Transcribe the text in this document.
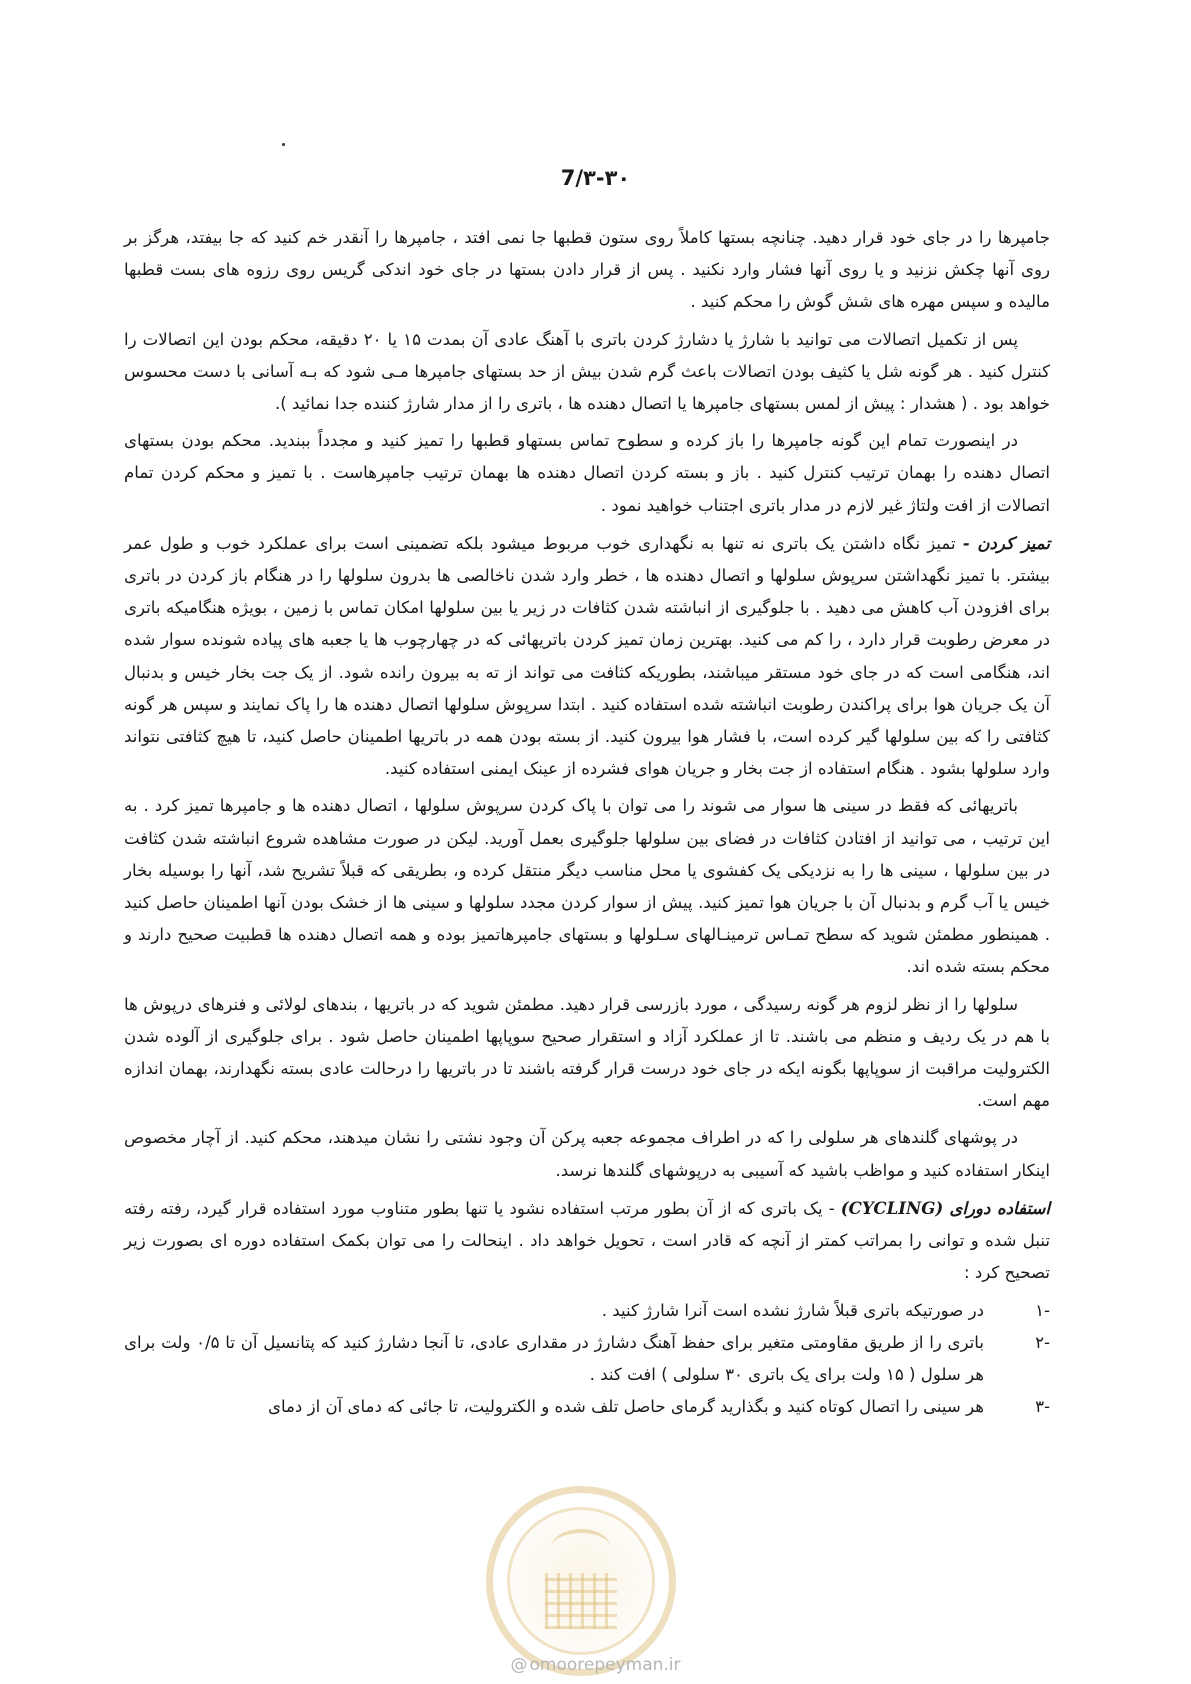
7/۳-۳۰

جامپرها را در جای خود قرار دهید. چنانچه بستها کاملاً روی ستون قطبها جا نمی افتد ، جامپرها را آنقدر خم کنید که جا بیفتد، هرگز بر روی آنها چکش نزنید و یا روی آنها فشار وارد نکنید . پس از قرار دادن بستها در جای خود اندکی گریس روی رزوه های بست قطبها مالیده و سپس مهره های شش گوش را محکم کنید .

پس از تکمیل اتصالات می توانید با شارژ یا دشارژ کردن باتری با آهنگ عادی آن بمدت ۱۵ یا ۲۰ دقیقه، محکم بودن این اتصالات را کنترل کنید . هر گونه شل یا کثیف بودن اتصالات باعث گرم شدن بیش از حد بستهای جامپرها مـی شود که بـه آسانی با دست محسوس خواهد بود . ( هشدار : پیش از لمس بستهای جامپرها یا اتصال دهنده ها ، باتری را از مدار شارژ کننده جدا نمائید ).

در اینصورت تمام این گونه جامپرها را باز کرده و سطوح تماس بستهاو قطبها را تمیز کنید و مجدداً ببندید. محکم بودن بستهای اتصال دهنده را بهمان ترتیب کنترل کنید . باز و بسته کردن اتصال دهنده ها بهمان ترتیب جامپرهاست . با تمیز و محکم کردن تمام اتصالات از افت ولتاژ غیر لازم در مدار باتری اجتناب خواهید نمود .

تمیز کردن - تمیز نگاه داشتن یک باتری نه تنها به نگهداری خوب مربوط میشود بلکه تضمینی است برای عملکرد خوب و طول عمر بیشتر. با تمیز نگهداشتن سرپوش سلولها و اتصال دهنده ها ، خطر وارد شدن ناخالصی ها بدرون سلولها را در هنگام باز کردن در باتری برای افزودن آب کاهش می دهید . با جلوگیری از انباشته شدن کثافات در زیر یا بین سلولها امکان تماس با زمین ، بویژه هنگامیکه باتری در معرض رطوبت قرار دارد ، را کم می کنید. بهترین زمان تمیز کردن باتریهائی که در چهارچوب ها یا جعبه های پیاده شونده سوار شده اند، هنگامی است که در جای خود مستقر میباشند، بطوریکه کثافت می تواند از ته به بیرون رانده شود. از یک جت بخار خیس و بدنبال آن یک جریان هوا برای پراکندن رطوبت انباشته شده استفاده کنید . ابتدا سرپوش سلولها اتصال دهنده ها را پاک نمایند و سپس هر گونه کثافتی را که بین سلولها گیر کرده است، با فشار هوا بیرون کنید. از بسته بودن همه در باتریها اطمینان حاصل کنید، تا هیچ کثافتی نتواند وارد سلولها بشود . هنگام استفاده از جت بخار و جریان هوای فشرده از عینک ایمنی استفاده کنید.

باتریهائی که فقط در سینی ها سوار می شوند را می توان با پاک کردن سرپوش سلولها ، اتصال دهنده ها و جامپرها تمیز کرد . به این ترتیب ، می توانید از افتادن کثافات در فضای بین سلولها جلوگیری بعمل آورید. لیکن در صورت مشاهده شروع انباشته شدن کثافت در بین سلولها ، سینی ها را به نزدیکی یک کفشوی یا محل مناسب دیگر منتقل کرده و، بطریقی که قبلاً تشریح شد، آنها را بوسیله بخار خیس یا آب گرم و بدنبال آن با جریان هوا تمیز کنید. پیش از سوار کردن مجدد سلولها و سینی ها از خشک بودن آنها اطمینان حاصل کنید . همینطور مطمئن شوید که سطح تمـاس ترمینـالهای سـلولها و بستهای جامپرهاتمیز بوده و همه اتصال دهنده ها قطبیت صحیح دارند و محکم بسته شده اند.

سلولها را از نظر لزوم هر گونه رسیدگی ، مورد بازرسی قرار دهید. مطمئن شوید که در باتریها ، بندهای لولائی و فنرهای درپوش ها با هم در یک ردیف و منظم می باشند. تا از عملکرد آزاد و استقرار صحیح سوپاپها اطمینان حاصل شود . برای جلوگیری از آلوده شدن الکترولیت مراقبت از سوپاپها بگونه ایکه در جای خود درست قرار گرفته باشند تا در باتریها را درحالت عادی بسته نگهدارند، بهمان اندازه مهم است.

در پوشهای گلندهای هر سلولی را که در اطراف مجموعه جعبه پرکن آن وجود نشتی را نشان میدهند، محکم کنید. از آچار مخصوص اینکار استفاده کنید و مواظب باشید که آسیبی به درپوشهای گلندها نرسد.

استفاده دورای (CYCLING) - یک باتری که از آن بطور مرتب استفاده نشود یا تنها بطور متناوب مورد استفاده قرار گیرد، رفته رفته تنبل شده و توانی را بمراتب کمتر از آنچه که قادر است ، تحویل خواهد داد . اینحالت را می توان بکمک استفاده دوره ای بصورت زیر تصحیح کرد :

-۱
در صورتیکه باتری قبلاً شارژ نشده است آنرا شارژ کنید .
-۲
باتری را از طریق مقاومتی متغیر برای حفظ آهنگ دشارژ در مقداری عادی، تا آنجا دشارژ کنید که پتانسیل آن تا ۰/۵ ولت برای هر سلول ( ۱۵ ولت برای یک باتری ۳۰ سلولی ) افت کند .
-۳
هر سینی را اتصال کوتاه کنید و بگذارید گرمای حاصل تلف شده و الکترولیت، تا جائی که دمای آن از دمای
@ omoorepeyman.ir
